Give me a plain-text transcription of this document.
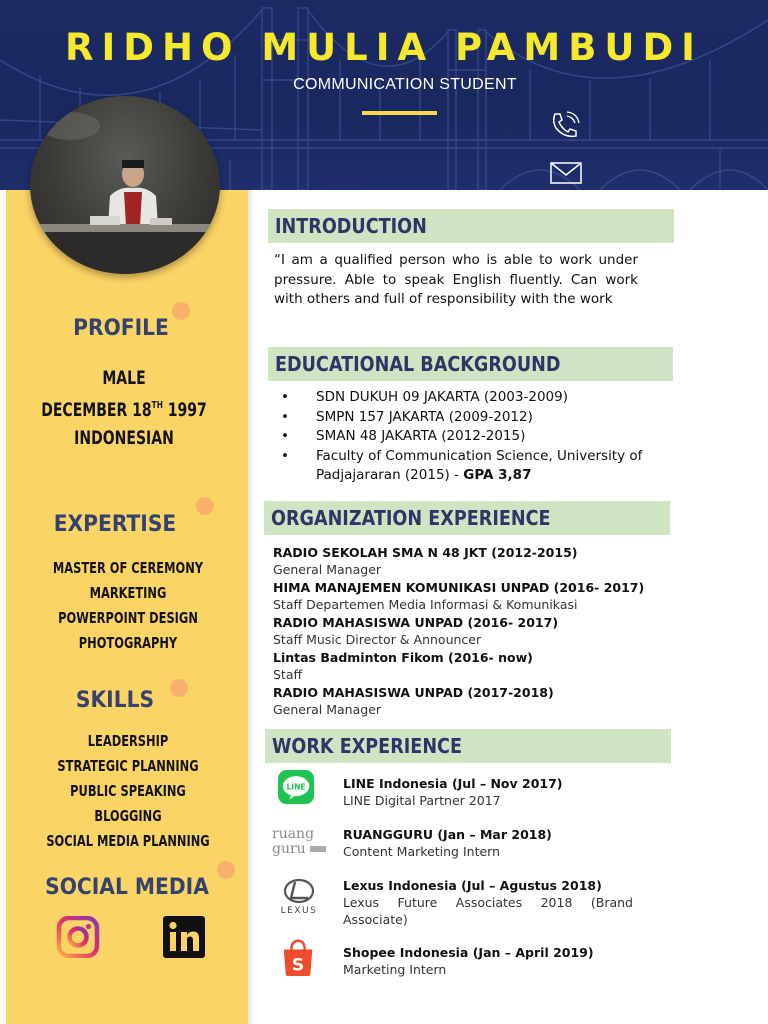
RIDHO MULIA PAMBUDI
COMMUNICATION STUDENT
PROFILE
MALE
DECEMBER 18TH 1997
INDONESIAN
EXPERTISE
MASTER OF CEREMONY
MARKETING
POWERPOINT DESIGN
PHOTOGRAPHY
SKILLS
LEADERSHIP
STRATEGIC PLANNING
PUBLIC SPEAKING
BLOGGING
SOCIAL MEDIA PLANNING
SOCIAL MEDIA
INTRODUCTION
“I am a qualified person who is able to work under pressure. Able to speak English fluently. Can work with others and full of responsibility with the work
EDUCATIONAL BACKGROUND
• SDN DUKUH 09 JAKARTA (2003-2009)
• SMPN 157 JAKARTA (2009-2012)
• SMAN 48 JAKARTA (2012-2015)
• Faculty of Communication Science, University of Padjajararan (2015) - GPA 3,87
ORGANIZATION EXPERIENCE
RADIO SEKOLAH SMA N 48 JKT (2012-2015)
General Manager
HIMA MANAJEMEN KOMUNIKASI UNPAD (2016- 2017)
Staff Departemen Media Informasi & Komunikasi
RADIO MAHASISWA UNPAD (2016- 2017)
Staff Music Director & Announcer
Lintas Badminton Fikom (2016- now)
Staff
RADIO MAHASISWA UNPAD (2017-2018)
General Manager
WORK EXPERIENCE
LINE	LINE Indonesia (Jul – Nov 2017)
LINE Digital Partner 2017
ruang
guru
RUANGGURU (Jan – Mar 2018)
Content Marketing Intern
LEXUS
Lexus Indonesia (Jul – Agustus 2018)
Lexus Future Associates 2018 (Brand Associate)
S
Shopee Indonesia (Jan – April 2019)
Marketing Intern
